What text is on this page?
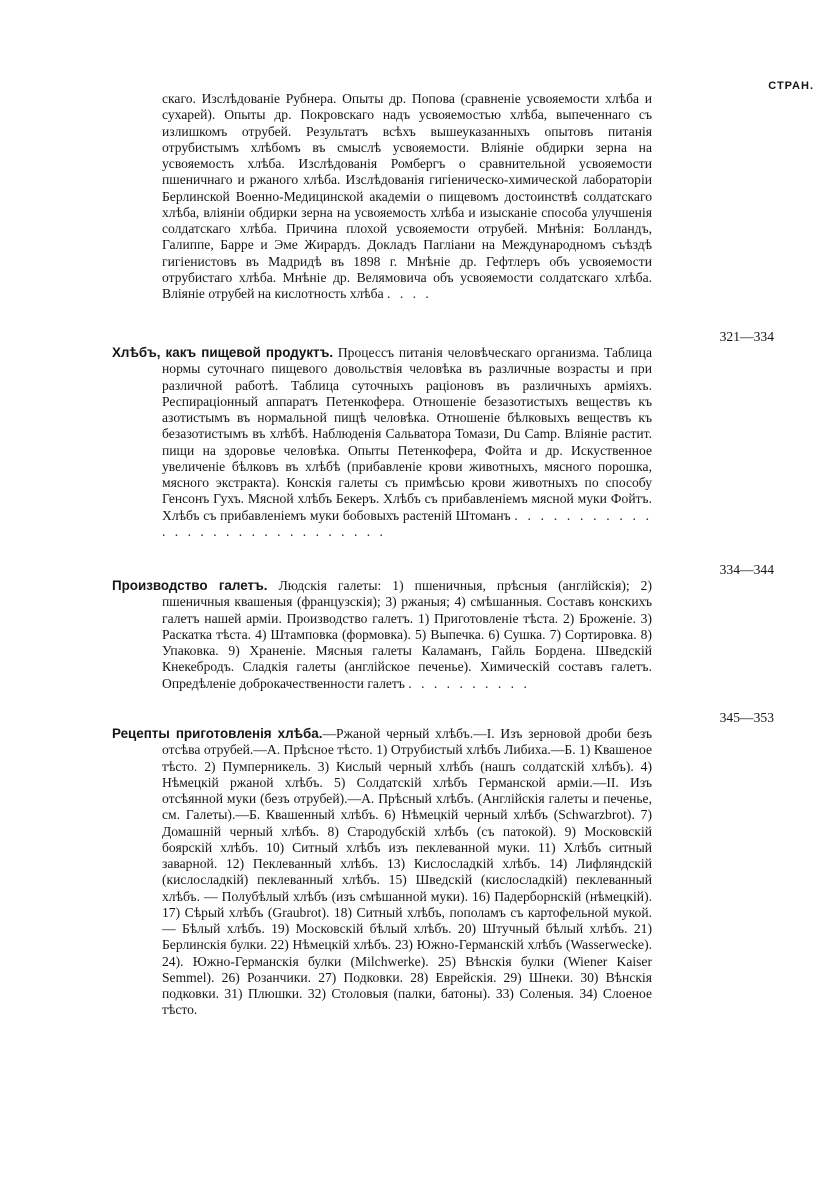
СТРАН.
скаго. Изслѣдованіе Рубнера. Опыты др. Попова (сравненіе усвояемости хлѣба и сухарей). Опыты др. Покровскаго надъ усвояемостью хлѣба, выпеченнаго съ излишкомъ отрубей. Результатъ всѣхъ вышеуказанныхъ опытовъ питанія отрубистымъ хлѣбомъ въ смыслѣ усвояемости. Вліяніе обдирки зерна на усвояемость хлѣба. Изслѣдованія Ромбергъ о сравнительной усвояемости пшеничнаго и ржаного хлѣба. Изслѣдованія гигіеническо-химической лабораторіи Берлинской Военно-Медицинской академіи о пищевомъ достоинствѣ солдатскаго хлѣба, вліяніи обдирки зерна на усвояемость хлѣба и изысканіе способа улучшенія солдатскаго хлѣба. Причина плохой усвояемости отрубей. Мнѣнія: Болландъ, Галиппе, Барре и Эме Жирардъ. Докладъ Пагліани на Международномъ съѣздѣ гигіенистовъ въ Мадридѣ въ 1898 г. Мнѣніе др. Гефтлеръ объ усвояемости отрубистаго хлѣба. Мнѣніе др. Велямовича объ усвояемости солдатскаго хлѣба. Вліяніе отрубей на кислотность хлѣба . . . .
321—334
Хлѣбъ, какъ пищевой продуктъ. Процессъ питанія человѣческаго организма. Таблица нормы суточнаго пищевого довольствія человѣка въ различные возрасты и при различной работѣ. Таблица суточныхъ раціоновъ въ различныхъ арміяхъ. Респираціонный аппаратъ Петенкофера. Отношеніе безазотистыхъ веществъ къ азотистымъ въ нормальной пищѣ человѣка. Отношеніе бѣлковыхъ веществъ къ безазотистымъ въ хлѣбѣ. Наблюденія Сальватора Томази, Du Camp. Вліяніе растит. пищи на здоровье человѣка. Опыты Петенкофера, Фойта и др. Искуственное увеличеніе бѣлковъ въ хлѣбѣ (прибавленіе крови животныхъ, мясного порошка, мясного экстракта). Конскія галеты съ примѣсью крови животныхъ по способу Генсонъ Гухъ. Мясной хлѣбъ Бекеръ. Хлѣбъ съ прибавленіемъ мясной муки Фойтъ. Хлѣбъ съ прибавленіемъ муки бобовыхъ растеній Штоманъ . . . . . . . . . . . . . . . . . . . . . . . . . . . . .
334—344
Производство галетъ. Людскія галеты: 1) пшеничныя, прѣсныя (англійскія); 2) пшеничныя квашеныя (французскія); 3) ржаныя; 4) смѣшанныя. Составъ конскихъ галетъ нашей арміи. Производство галетъ. 1) Приготовленіе тѣста. 2) Броженіе. 3) Раскатка тѣста. 4) Штамповка (формовка). 5) Выпечка. 6) Сушка. 7) Сортировка. 8) Упаковка. 9) Храненіе. Мясныя галеты Каламанъ, Гайль Бордена. Шведскій Кнекебродъ. Сладкія галеты (англійское печенье). Химическій составъ галетъ. Опредѣленіе доброкачественности галетъ . . . . . . . . . .
345—353
Рецепты приготовленія хлѣба.—Ржаной черный хлѣбъ.—I. Изъ зерновой дроби безъ отсѣва отрубей.—А. Прѣсное тѣсто. 1) Отрубистый хлѣбъ Либиха.—Б. 1) Квашеное тѣсто. 2) Пумперникель. 3) Кислый черный хлѣбъ (нашъ солдатскій хлѣбъ). 4) Нѣмецкій ржаной хлѣбъ. 5) Солдатскій хлѣбъ Германской арміи.—II. Изъ отсѣянной муки (безъ отрубей).—А. Прѣсный хлѣбъ. (Англійскія галеты и печенье, см. Галеты).—Б. Квашенный хлѣбъ. 6) Нѣмецкій черный хлѣбъ (Schwarzbrot). 7) Домашній черный хлѣбъ. 8) Стародубскій хлѣбъ (съ патокой). 9) Московскій боярскій хлѣбъ. 10) Ситный хлѣбъ изъ пеклеванной муки. 11) Хлѣбъ ситный заварной. 12) Пеклеванный хлѣбъ. 13) Кислосладкій хлѣбъ. 14) Лифляндскій (кислосладкій) пеклеванный хлѣбъ. 15) Шведскій (кислосладкій) пеклеванный хлѣбъ. — Полубѣлый хлѣбъ (изъ смѣшанной муки). 16) Падерборнскій (нѣмецкій). 17) Сѣрый хлѣбъ (Graubrot). 18) Ситный хлѣбъ, пополамъ съ картофельной мукой. — Бѣлый хлѣбъ. 19) Московскій бѣлый хлѣбъ. 20) Штучный бѣлый хлѣбъ. 21) Берлинскія булки. 22) Нѣмецкій хлѣбъ. 23) Южно-Германскій хлѣбъ (Wasserwecke). 24). Южно-Германскія булки (Milchwerke). 25) Вѣнскія булки (Wiener Kaiser Semmel). 26) Розанчики. 27) Подковки. 28) Еврейскія. 29) Шнеки. 30) Вѣнскія подковки. 31) Плюшки. 32) Столовыя (палки, батоны). 33) Соленыя. 34) Слоеное тѣсто.
